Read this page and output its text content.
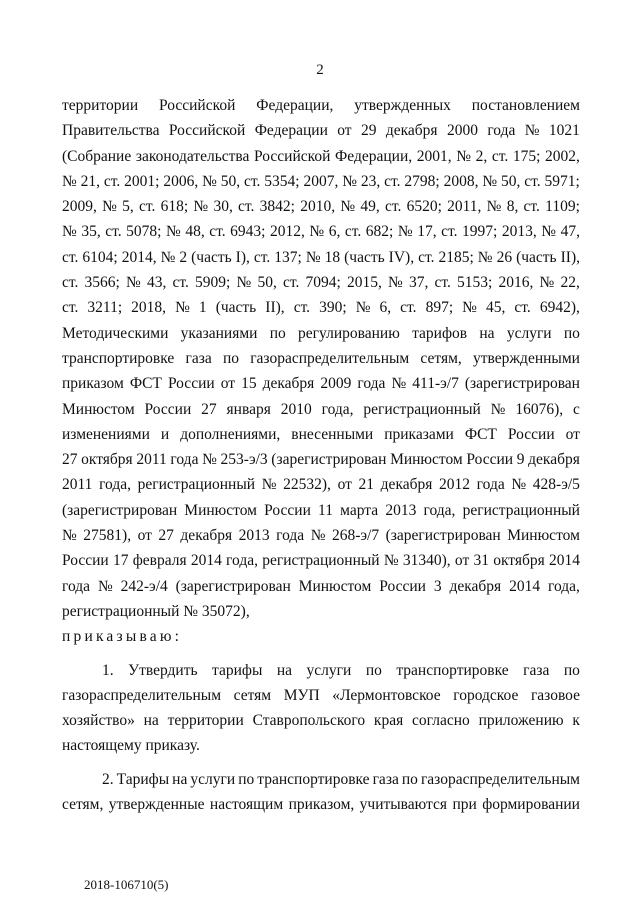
2
территории Российской Федерации, утвержденных постановлением
Правительства Российской Федерации от 29 декабря 2000 года № 1021
(Собрание законодательства Российской Федерации, 2001, № 2, ст. 175; 2002,
№ 21, ст. 2001; 2006, № 50, ст. 5354; 2007, № 23, ст. 2798; 2008, № 50, ст. 5971;
2009, № 5, ст. 618; № 30, ст. 3842; 2010, № 49, ст. 6520; 2011, № 8, ст. 1109;
№ 35, ст. 5078; № 48, ст. 6943; 2012, № 6, ст. 682; № 17, ст. 1997; 2013, № 47,
ст. 6104; 2014, № 2 (часть I), ст. 137; № 18 (часть IV), ст. 2185; № 26 (часть II),
ст. 3566; № 43, ст. 5909; № 50, ст. 7094; 2015, № 37, ст. 5153; 2016, № 22,
ст. 3211; 2018, № 1 (часть II), ст. 390; № 6, ст. 897; № 45, ст. 6942),
Методическими указаниями по регулированию тарифов на услуги по
транспортировке газа по газораспределительным сетям, утвержденными
приказом ФСТ России от 15 декабря 2009 года № 411-э/7 (зарегистрирован
Минюстом России 27 января 2010 года, регистрационный № 16076), с
изменениями и дополнениями, внесенными приказами ФСТ России от
27 октября 2011 года № 253-э/3 (зарегистрирован Минюстом России 9 декабря
2011 года, регистрационный № 22532), от 21 декабря 2012 года № 428-э/5
(зарегистрирован Минюстом России 11 марта 2013 года, регистрационный
№ 27581), от 27 декабря 2013 года № 268-э/7 (зарегистрирован Минюстом
России 17 февраля 2014 года, регистрационный № 31340), от 31 октября 2014
года № 242-э/4 (зарегистрирован Минюстом России 3 декабря 2014 года,
регистрационный № 35072),
приказываю:
1. Утвердить тарифы на услуги по транспортировке газа по
газораспределительным сетям МУП «Лермонтовское городское газовое
хозяйство» на территории Ставропольского края согласно приложению к
настоящему приказу.
2. Тарифы на услуги по транспортировке газа по газораспределительным
сетям, утвержденные настоящим приказом, учитываются при формировании
2018-106710(5)
